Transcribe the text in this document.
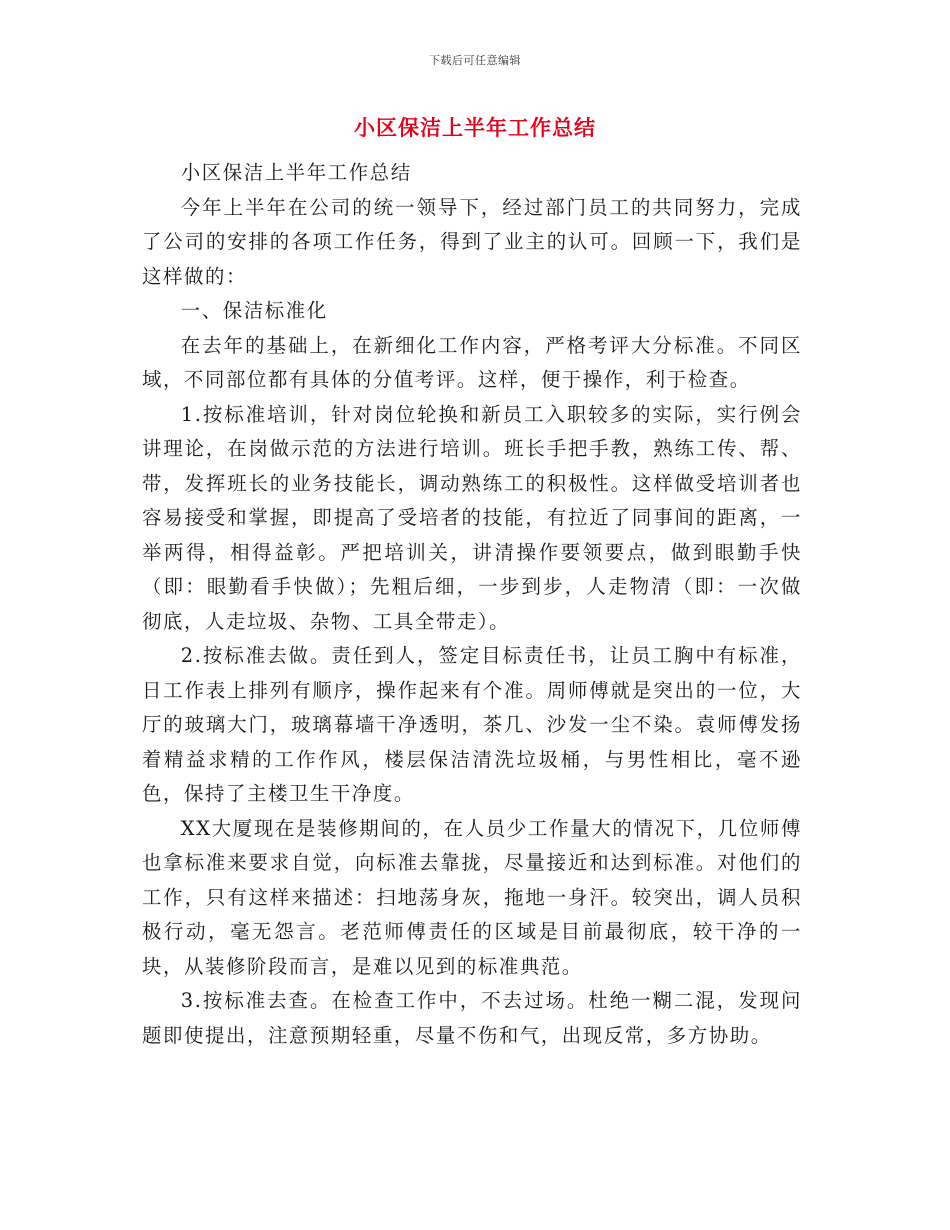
下载后可任意编辑
小区保洁上半年工作总结

小区保洁上半年工作总结

今年上半年在公司的统一领导下，经过部门员工的共同努力，完成了公司的安排的各项工作任务，得到了业主的认可。回顾一下，我们是这样做的：

一、保洁标准化

在去年的基础上，在新细化工作内容，严格考评大分标准。不同区域，不同部位都有具体的分值考评。这样，便于操作，利于检查。

1.按标准培训，针对岗位轮换和新员工入职较多的实际，实行例会讲理论，在岗做示范的方法进行培训。班长手把手教，熟练工传、帮、带，发挥班长的业务技能长，调动熟练工的积极性。这样做受培训者也容易接受和掌握，即提高了受培者的技能，有拉近了同事间的距离，一举两得，相得益彰。严把培训关，讲清操作要领要点，做到眼勤手快（即：眼勤看手快做）；先粗后细，一步到步，人走物清（即：一次做彻底，人走垃圾、杂物、工具全带走）。

2.按标准去做。责任到人，签定目标责任书，让员工胸中有标准，日工作表上排列有顺序，操作起来有个准。周师傅就是突出的一位，大厅的玻璃大门，玻璃幕墙干净透明，茶几、沙发一尘不染。袁师傅发扬着精益求精的工作作风，楼层保洁清洗垃圾桶，与男性相比，毫不逊色，保持了主楼卫生干净度。

XX大厦现在是装修期间的，在人员少工作量大的情况下，几位师傅也拿标准来要求自觉，向标准去靠拢，尽量接近和达到标准。对他们的工作，只有这样来描述：扫地荡身灰，拖地一身汗。较突出，调人员积极行动，毫无怨言。老范师傅责任的区域是目前最彻底，较干净的一块，从装修阶段而言，是难以见到的标准典范。

3.按标准去查。在检查工作中，不去过场。杜绝一糊二混，发现问题即使提出，注意预期轻重，尽量不伤和气，出现反常，多方协助。
